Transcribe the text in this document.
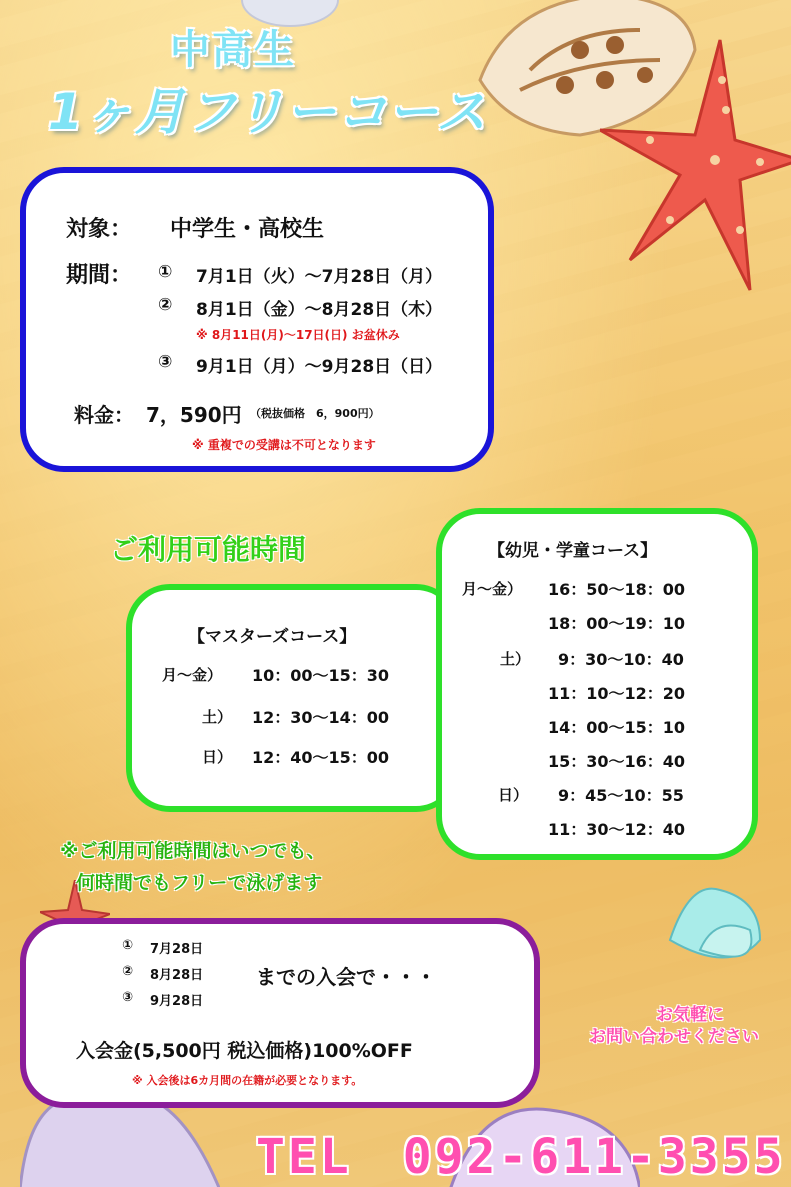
中高生
1ヶ月フリーコース
対象： 中学生・高校生
期間： ① 7月1日（火）～7月28日（月）
② 8月1日（金）～8月28日（木）
※ 8月11日(月)～17日(日) お盆休み
③ 9月1日（月）～9月28日（日）
料金： 7，590円 （税抜価格　6，900円）
※ 重複での受講は不可となります
ご利用可能時間
【マスターズコース】
月～金） 10：00～15：30
土） 12：30～14：00
日） 12：40～15：00
【幼児・学童コース】
月～金） 16：50～18：00
18：00～19：10
土） 9：30～10：40
11：10～12：20
14：00～15：10
15：30～16：40
日） 9：45～10：55
11：30～12：40
※ご利用可能時間はいつでも、
何時間でもフリーで泳げます
① 7月28日
② 8月28日
③ 9月28日
までの入会で・・・
入会金(5,500円 税込価格)100%OFF
※ 入会後は6カ月間の在籍が必要となります。
お気軽に
お問い合わせください
TEL　092-611-3355
